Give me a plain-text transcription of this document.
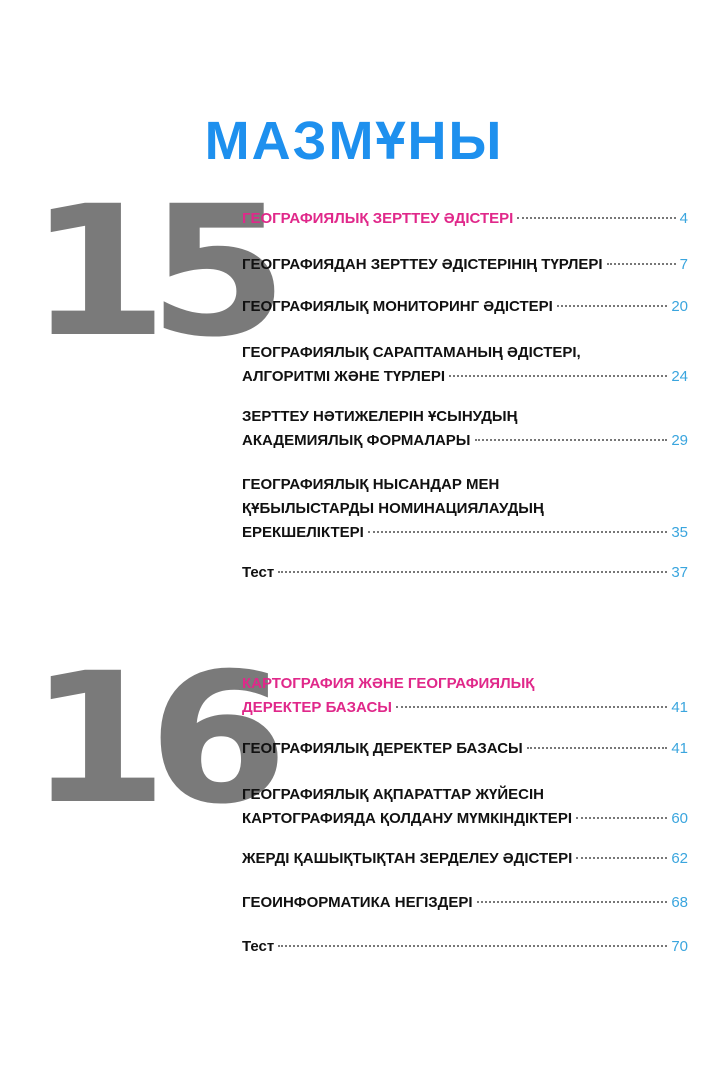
МАЗМҰНЫ
15
ГЕОГРАФИЯЛЫҚ ЗЕРТТЕУ ӘДІСТЕРІ	4
ГЕОГРАФИЯДАН ЗЕРТТЕУ ӘДІСТЕРІНІҢ ТҮРЛЕРІ	7
ГЕОГРАФИЯЛЫҚ МОНИТОРИНГ ӘДІСТЕРІ	20
ГЕОГРАФИЯЛЫҚ САРАПТАМАНЫҢ ӘДІСТЕРІ,
АЛГОРИТМІ ЖӘНЕ ТҮРЛЕРІ	24
ЗЕРТТЕУ НӘТИЖЕЛЕРІН ҰСЫНУДЫҢ
АКАДЕМИЯЛЫҚ ФОРМАЛАРЫ	29
ГЕОГРАФИЯЛЫҚ НЫСАНДАР МЕН
ҚҰБЫЛЫСТАРДЫ НОМИНАЦИЯЛАУДЫҢ
ЕРЕКШЕЛІКТЕРІ	35
Тест	37
16
КАРТОГРАФИЯ ЖӘНЕ ГЕОГРАФИЯЛЫҚ
ДЕРЕКТЕР БАЗАСЫ	41
ГЕОГРАФИЯЛЫҚ ДЕРЕКТЕР БАЗАСЫ	41
ГЕОГРАФИЯЛЫҚ АҚПАРАТТАР ЖҮЙЕСІН
КАРТОГРАФИЯДА ҚОЛДАНУ МҮМКІНДІКТЕРІ	60
ЖЕРДІ ҚАШЫҚТЫҚТАН ЗЕРДЕЛЕУ ӘДІСТЕРІ	62
ГЕОИНФОРМАТИКА НЕГІЗДЕРІ	68
Тест	70
